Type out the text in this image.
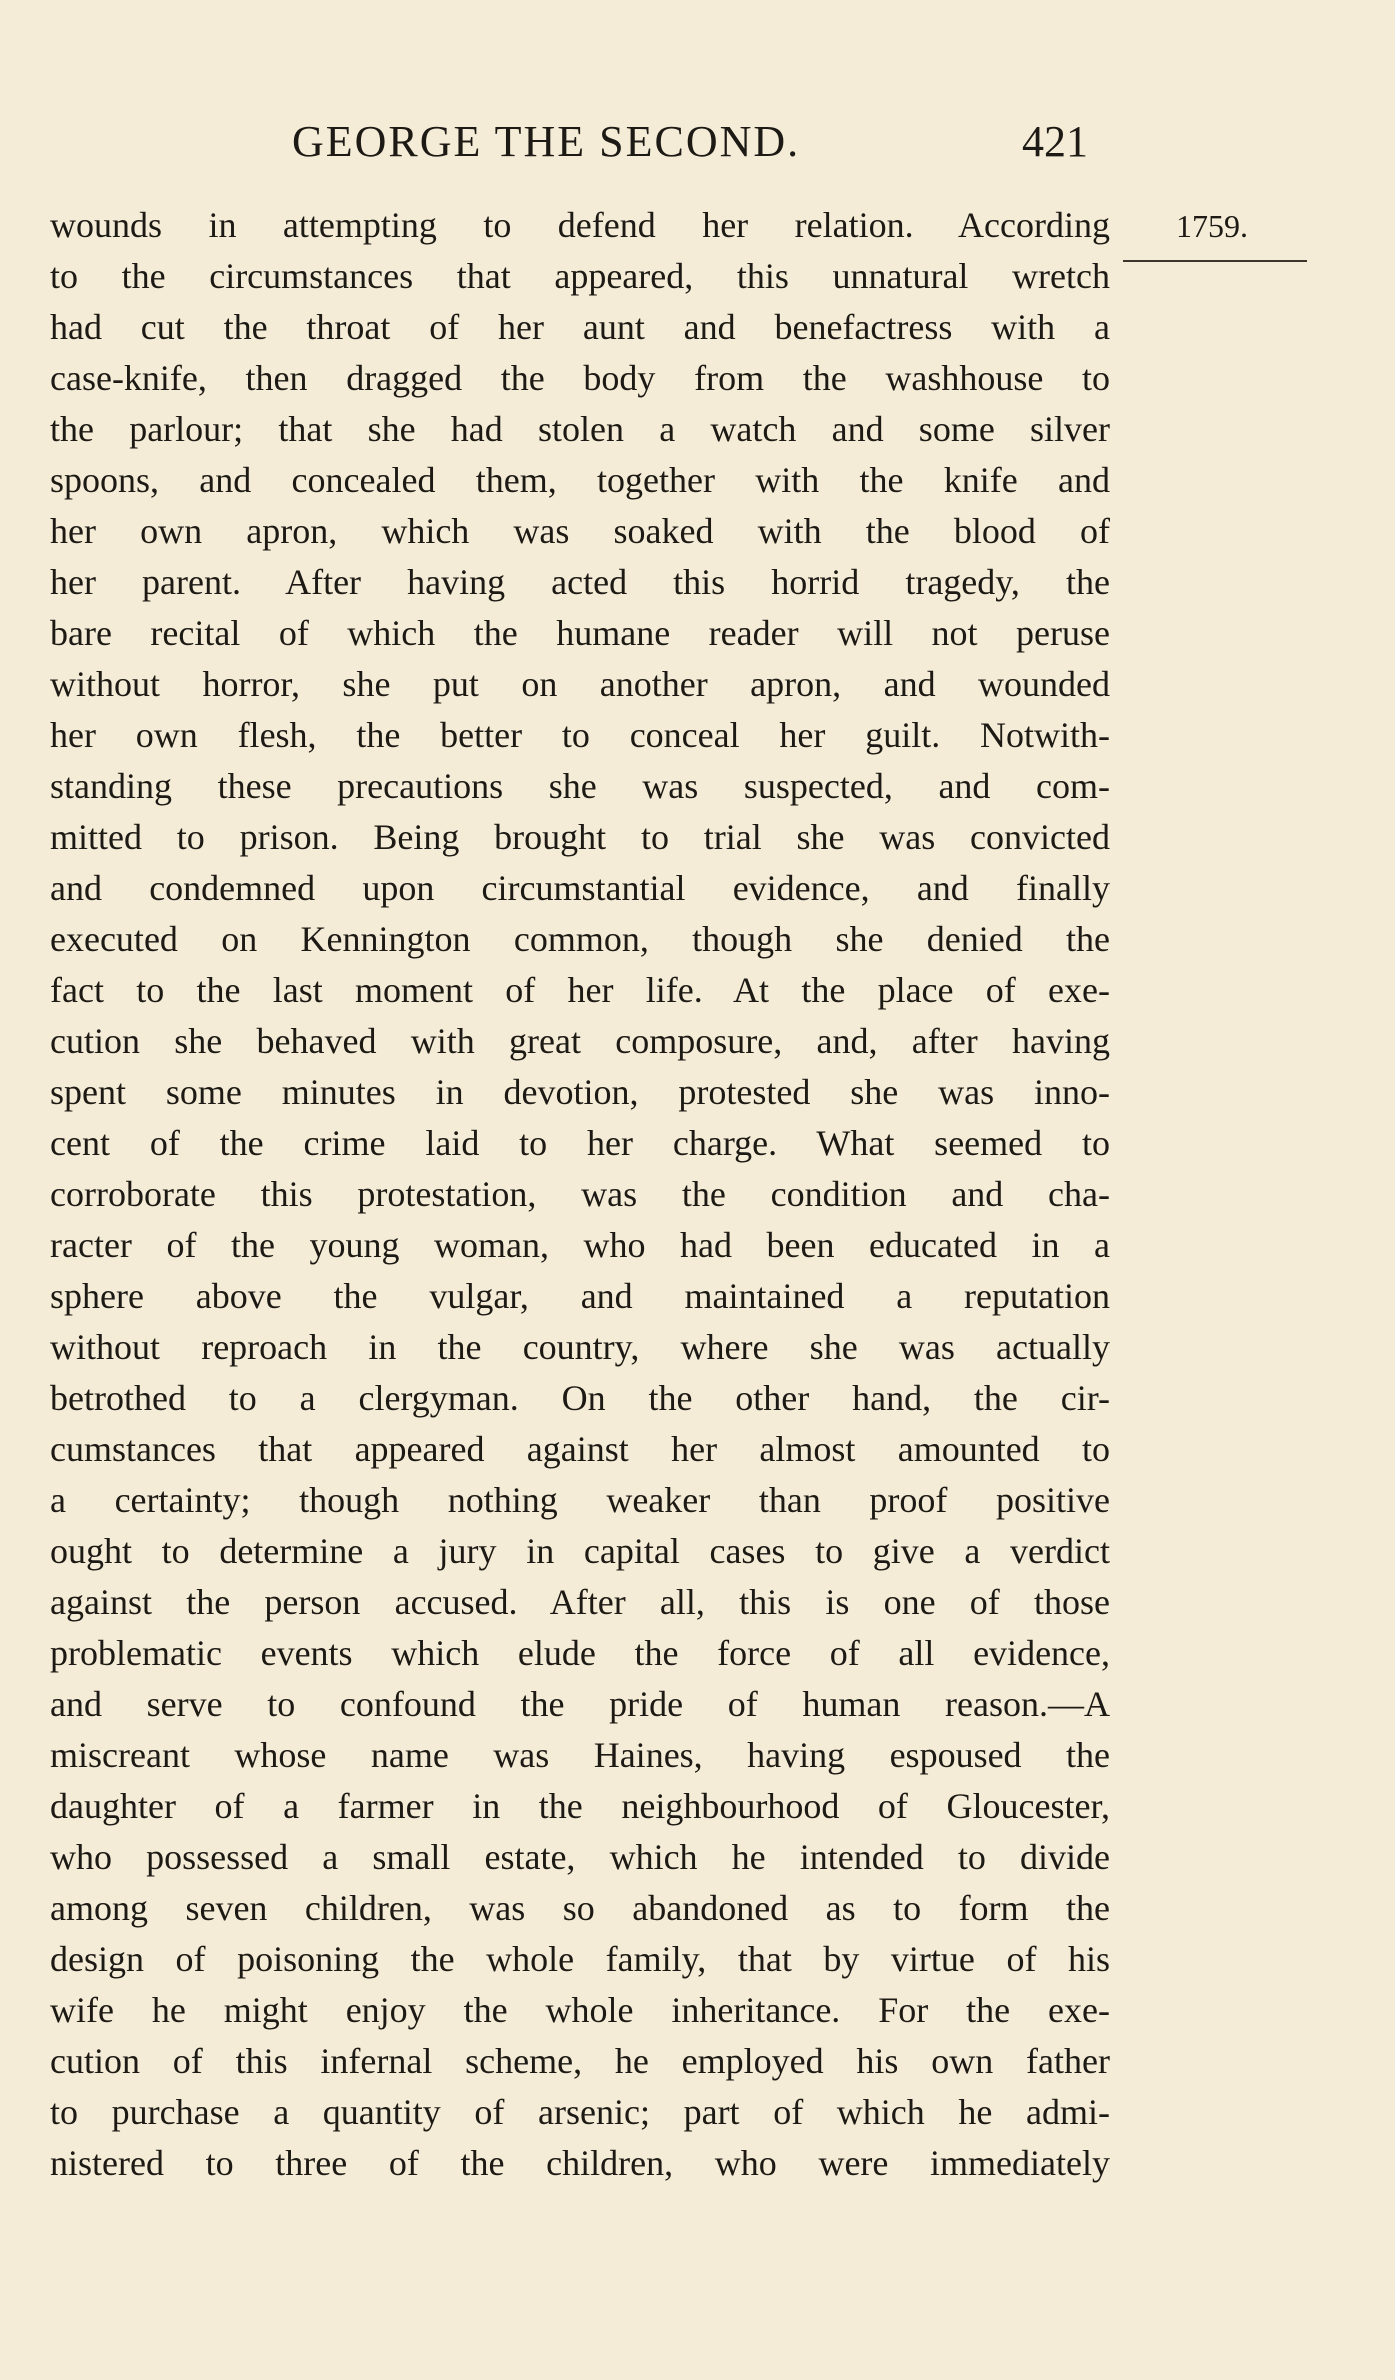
GEORGE THE SECOND.	421
1759.
wounds in attempting to defend her relation. According
to the circumstances that appeared, this unnatural wretch
had cut the throat of her aunt and benefactress with a
case-knife, then dragged the body from the washhouse to
the parlour; that she had stolen a watch and some silver
spoons, and concealed them, together with the knife and
her own apron, which was soaked with the blood of
her parent. After having acted this horrid tragedy, the
bare recital of which the humane reader will not peruse
without horror, she put on another apron, and wounded
her own flesh, the better to conceal her guilt. Notwith-
standing these precautions she was suspected, and com-
mitted to prison. Being brought to trial she was convicted
and condemned upon circumstantial evidence, and finally
executed on Kennington common, though she denied the
fact to the last moment of her life. At the place of exe-
cution she behaved with great composure, and, after having
spent some minutes in devotion, protested she was inno-
cent of the crime laid to her charge. What seemed to
corroborate this protestation, was the condition and cha-
racter of the young woman, who had been educated in a
sphere above the vulgar, and maintained a reputation
without reproach in the country, where she was actually
betrothed to a clergyman. On the other hand, the cir-
cumstances that appeared against her almost amounted to
a certainty; though nothing weaker than proof positive
ought to determine a jury in capital cases to give a verdict
against the person accused. After all, this is one of those
problematic events which elude the force of all evidence,
and serve to confound the pride of human reason.—A
miscreant whose name was Haines, having espoused the
daughter of a farmer in the neighbourhood of Gloucester,
who possessed a small estate, which he intended to divide
among seven children, was so abandoned as to form the
design of poisoning the whole family, that by virtue of his
wife he might enjoy the whole inheritance. For the exe-
cution of this infernal scheme, he employed his own father
to purchase a quantity of arsenic; part of which he admi-
nistered to three of the children, who were immediately
